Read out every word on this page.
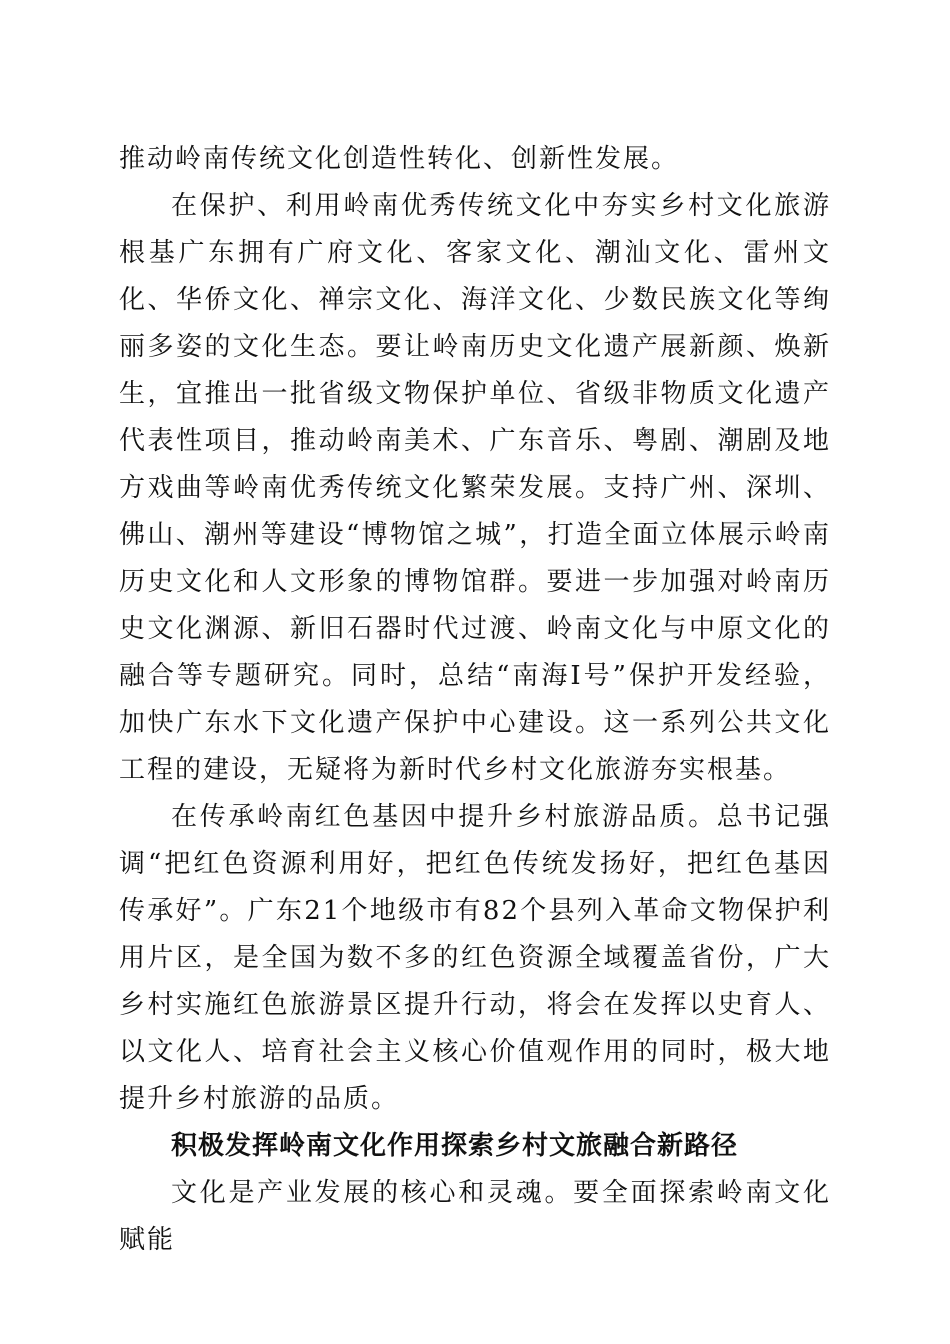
推动岭南传统文化创造性转化、创新性发展。

在保护、利用岭南优秀传统文化中夯实乡村文化旅游根基广东拥有广府文化、客家文化、潮汕文化、雷州文化、华侨文化、禅宗文化、海洋文化、少数民族文化等绚丽多姿的文化生态。要让岭南历史文化遗产展新颜、焕新生，宜推出一批省级文物保护单位、省级非物质文化遗产代表性项目，推动岭南美术、广东音乐、粤剧、潮剧及地方戏曲等岭南优秀传统文化繁荣发展。支持广州、深圳、佛山、潮州等建设“博物馆之城”，打造全面立体展示岭南历史文化和人文形象的博物馆群。要进一步加强对岭南历史文化渊源、新旧石器时代过渡、岭南文化与中原文化的融合等专题研究。同时，总结“南海Ⅰ号”保护开发经验，加快广东水下文化遗产保护中心建设。这一系列公共文化工程的建设，无疑将为新时代乡村文化旅游夯实根基。

在传承岭南红色基因中提升乡村旅游品质。总书记强调“把红色资源利用好，把红色传统发扬好，把红色基因传承好”。广东21个地级市有82个县列入革命文物保护利用片区，是全国为数不多的红色资源全域覆盖省份，广大乡村实施红色旅游景区提升行动，将会在发挥以史育人、以文化人、培育社会主义核心价值观作用的同时，极大地提升乡村旅游的品质。

积极发挥岭南文化作用探索乡村文旅融合新路径

文化是产业发展的核心和灵魂。要全面探索岭南文化赋能
